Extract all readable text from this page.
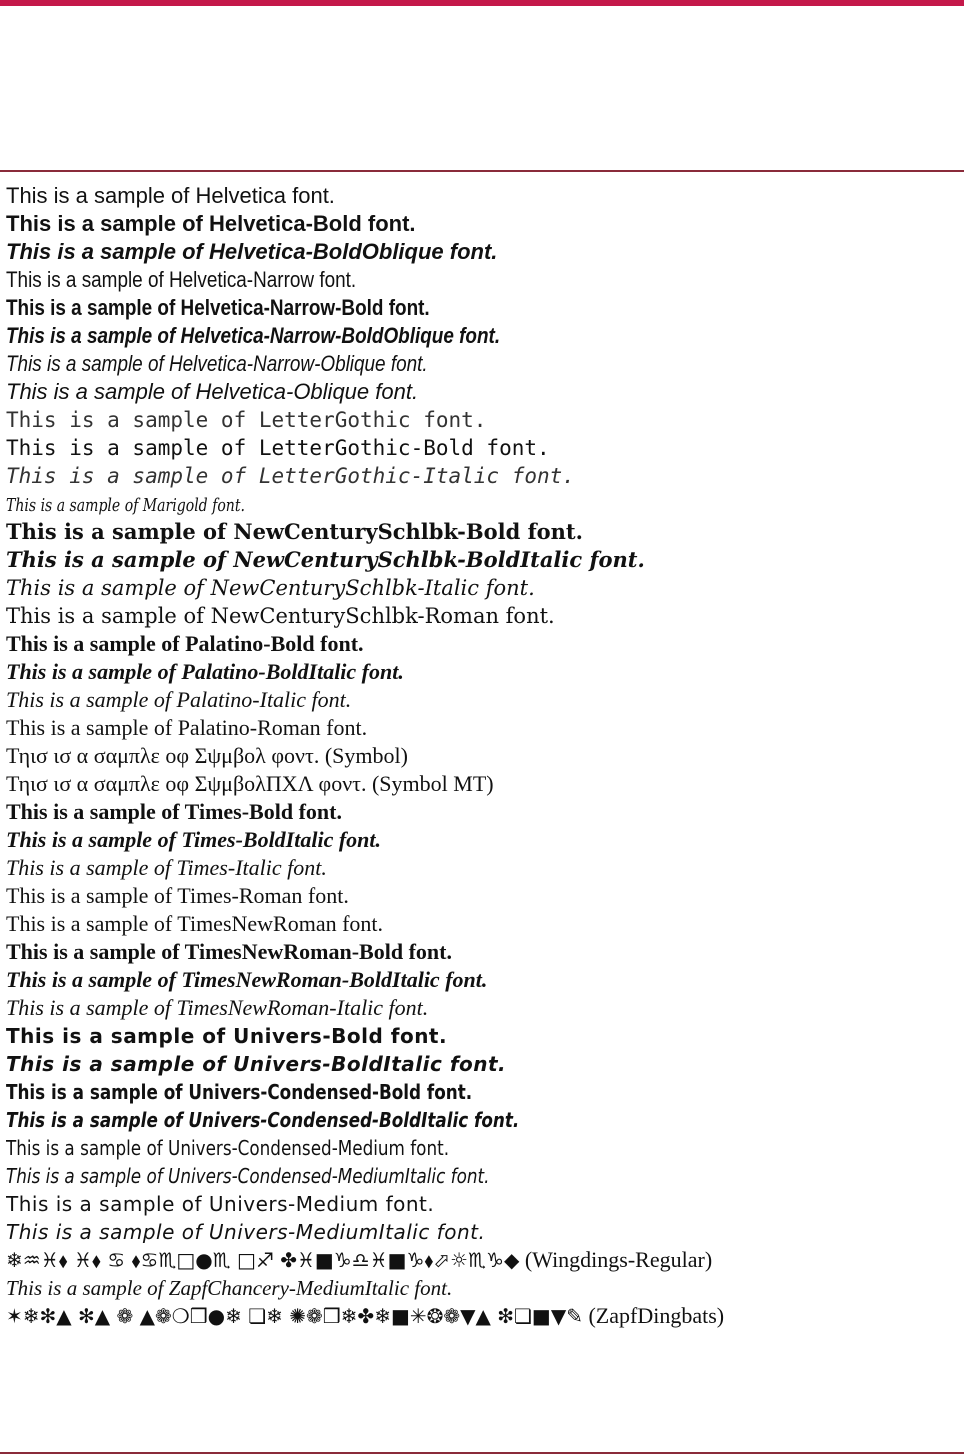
This is a sample of Helvetica font.
This is a sample of Helvetica-Bold font.
This is a sample of Helvetica-BoldOblique font.
This is a sample of Helvetica-Narrow font.
This is a sample of Helvetica-Narrow-Bold font.
This is a sample of Helvetica-Narrow-BoldOblique font.
This is a sample of Helvetica-Narrow-Oblique font.
This is a sample of Helvetica-Oblique font.
This is a sample of LetterGothic font.
This is a sample of LetterGothic-Bold font.
This is a sample of LetterGothic-Italic font.
This is a sample of Marigold font.
This is a sample of NewCenturySchlbk-Bold font.
This is a sample of NewCenturySchlbk-BoldItalic font.
This is a sample of NewCenturySchlbk-Italic font.
This is a sample of NewCenturySchlbk-Roman font.
This is a sample of Palatino-Bold font.
This is a sample of Palatino-BoldItalic font.
This is a sample of Palatino-Italic font.
This is a sample of Palatino-Roman font.
Τηισ ισ α σαμπλε οφ Σψμβολ φοντ. (Symbol)
Τηισ ισ α σαμπλε οφ ΣψμβολΠΧΛ φοντ. (Symbol MT)
This is a sample of Times-Bold font.
This is a sample of Times-BoldItalic font.
This is a sample of Times-Italic font.
This is a sample of Times-Roman font.
This is a sample of TimesNewRoman font.
This is a sample of TimesNewRoman-Bold font.
This is a sample of TimesNewRoman-BoldItalic font.
This is a sample of TimesNewRoman-Italic font.
This is a sample of Univers-Bold font.
This is a sample of Univers-BoldItalic font.
This is a sample of Univers-Condensed-Bold font.
This is a sample of Univers-Condensed-BoldItalic font.
This is a sample of Univers-Condensed-Medium font.
This is a sample of Univers-Condensed-MediumItalic font.
This is a sample of Univers-Medium font.
This is a sample of Univers-MediumItalic font.
❄♒♓⬧ ♓⬧ ♋ ⬧♋♏□●♏ □♐ ✤♓■♑♎♓■♑⬧⬀☼♏♑◆ (Wingdings-Regular)
This is a sample of ZapfChancery-MediumItalic font.
✶❄✻▲ ✻▲ ❁ ▲❁❍❒●❄ ❏❄ ✺❁❒❄✤❄■✳❂❁▼▲ ❇❏■▼✎ (ZapfDingbats)
